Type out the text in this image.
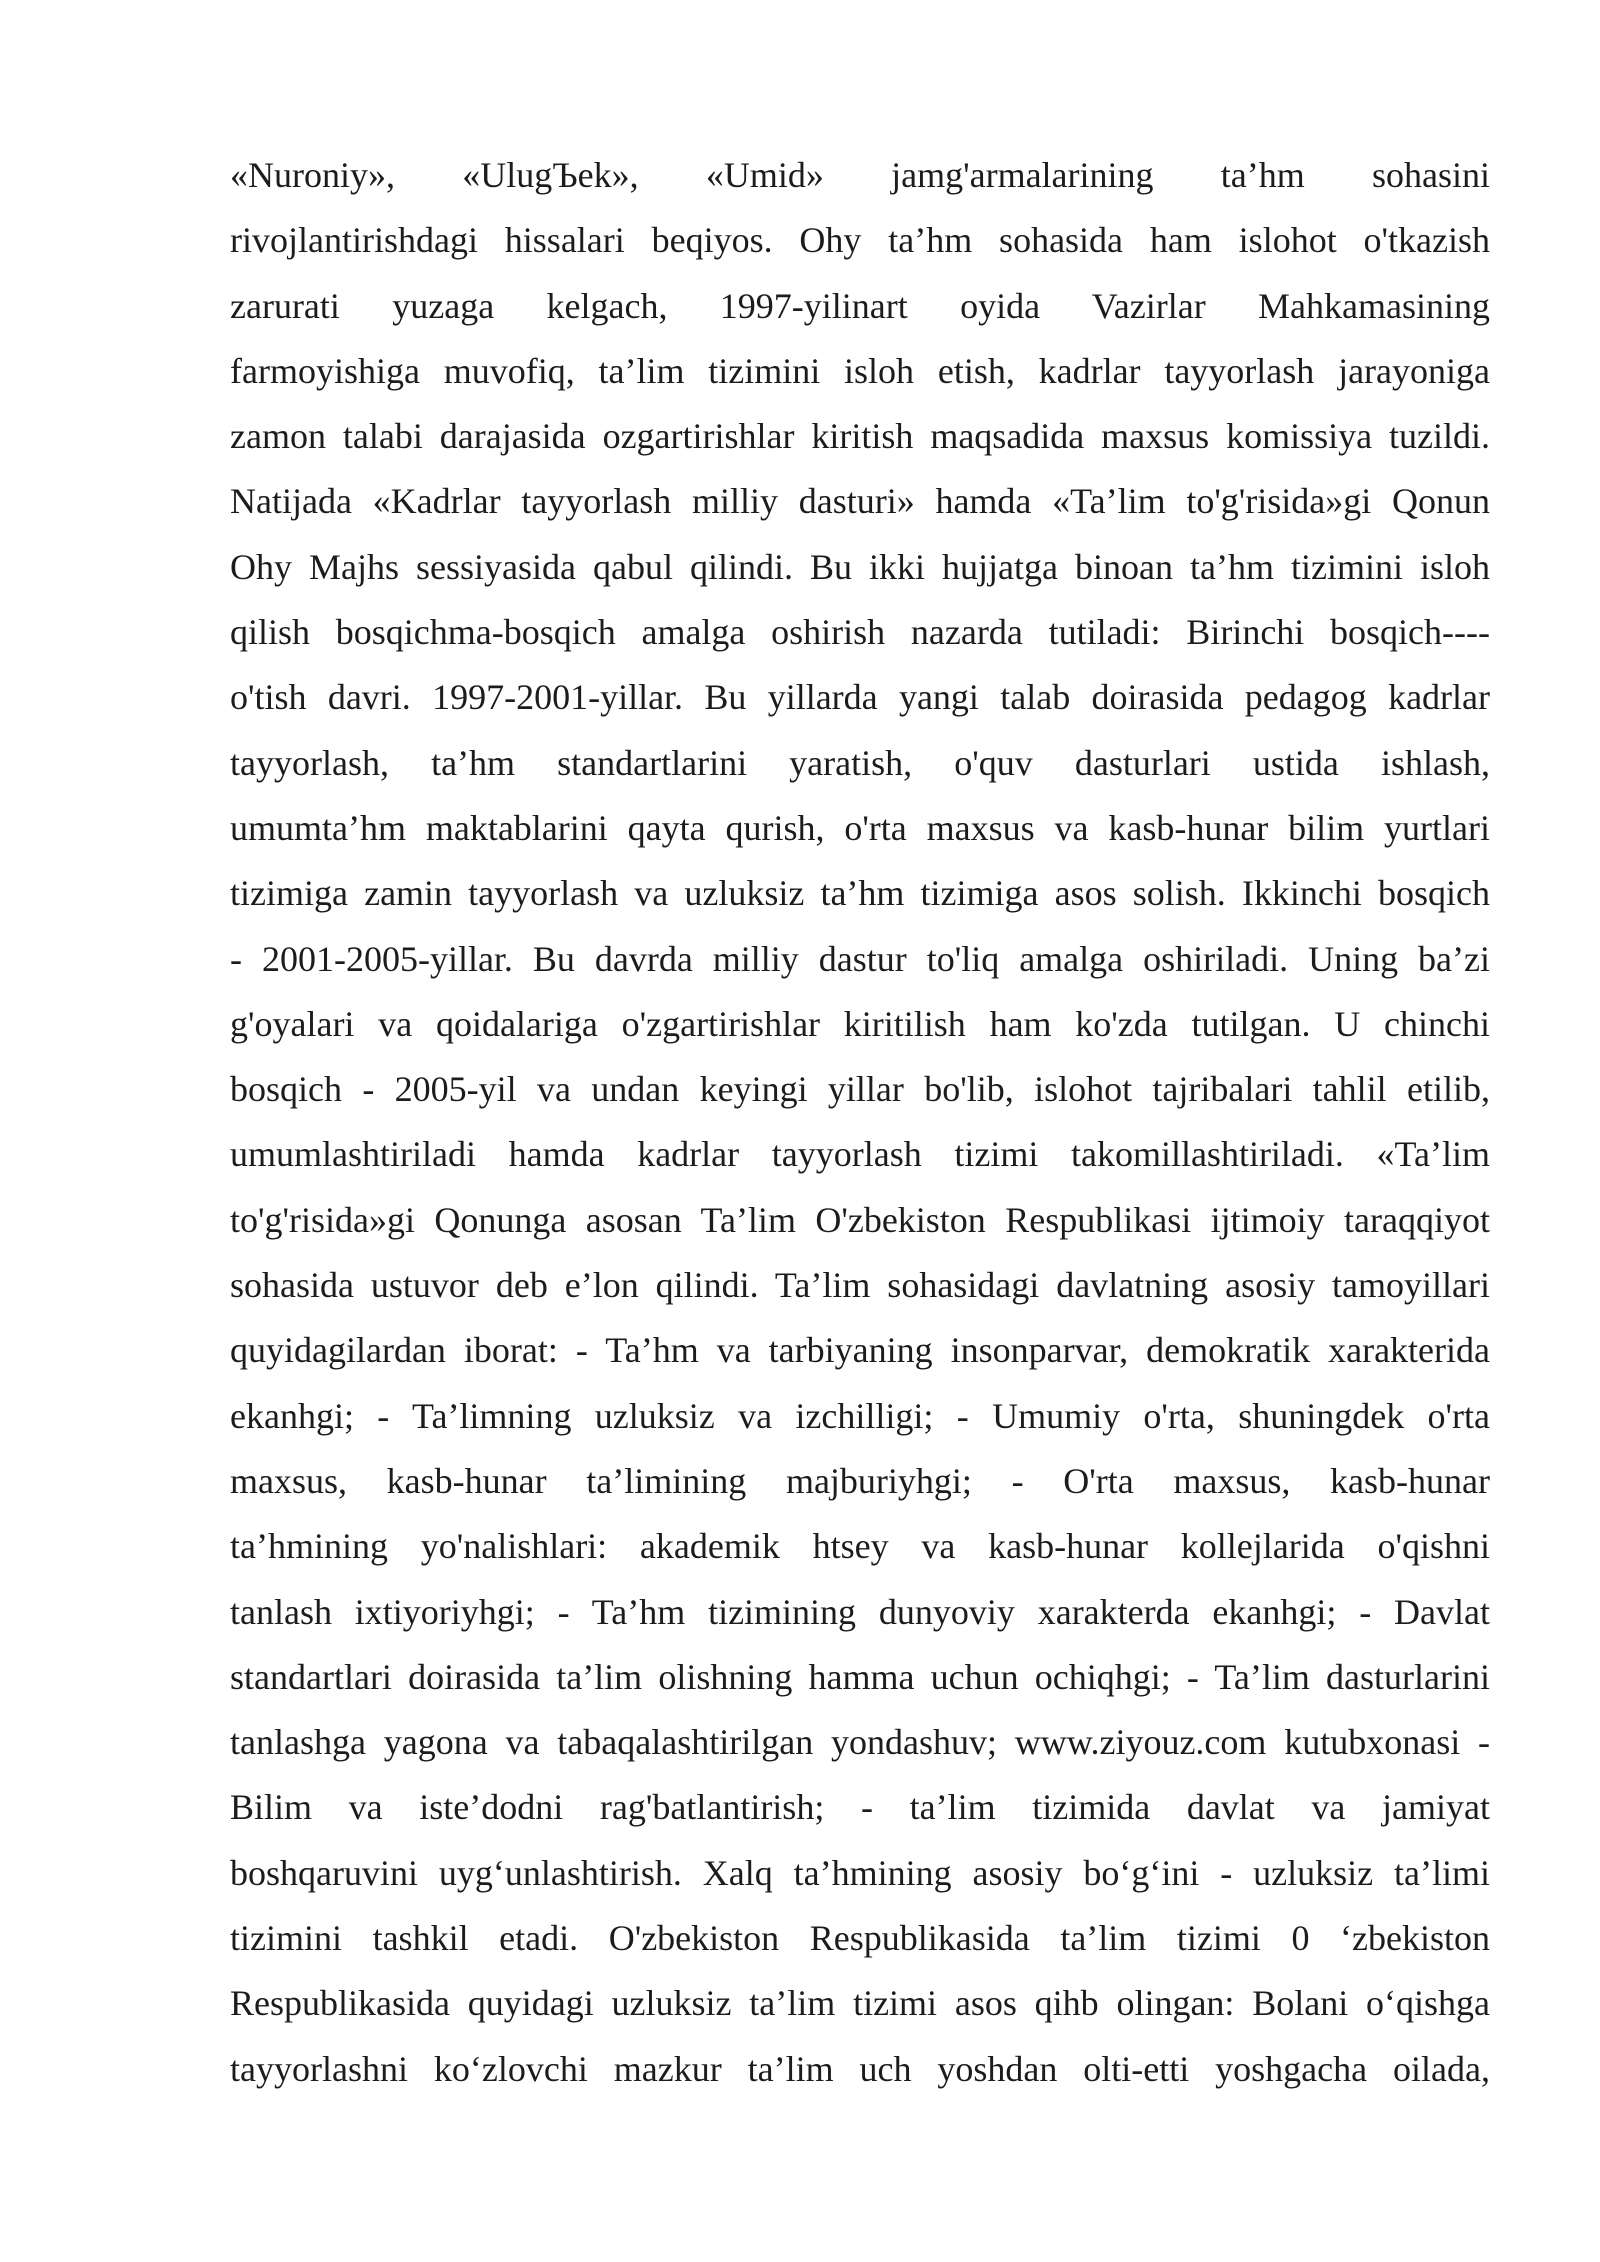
«Nuroniy», «UlugЪek», «Umid» jamg'armalarining ta’hm sohasini
rivojlantirishdagi hissalari beqiyos. Ohy ta’hm sohasida ham islohot o'tkazish
zarurati yuzaga kelgach, 1997-yilinart oyida Vazirlar Mahkamasining
farmoyishiga muvofiq, ta’lim tizimini isloh etish, kadrlar tayyorlash jarayoniga
zamon talabi darajasida ozgartirishlar kiritish maqsadida maxsus komissiya tuzildi.
Natijada «Kadrlar tayyorlash milliy dasturi» hamda «Ta’lim to'g'risida»gi Qonun
Ohy Majhs sessiyasida qabul qilindi. Bu ikki hujjatga binoan ta’hm tizimini isloh
qilish bosqichma-bosqich amalga oshirish nazarda tutiladi: Birinchi bosqich----
o'tish davri. 1997-2001-yillar. Bu yillarda yangi talab doirasida pedagog kadrlar
tayyorlash, ta’hm standartlarini yaratish, o'quv dasturlari ustida ishlash,
umumta’hm maktablarini qayta qurish, o'rta maxsus va kasb-hunar bilim yurtlari
tizimiga zamin tayyorlash va uzluksiz ta’hm tizimiga asos solish. Ikkinchi bosqich
- 2001-2005-yillar. Bu davrda milliy dastur to'liq amalga oshiriladi. Uning ba’zi
g'oyalari va qoidalariga o'zgartirishlar kiritilish ham ko'zda tutilgan. U chinchi
bosqich - 2005-yil va undan keyingi yillar bo'lib, islohot tajribalari tahlil etilib,
umumlashtiriladi hamda kadrlar tayyorlash tizimi takomillashtiriladi. «Ta’lim
to'g'risida»gi Qonunga asosan Ta’lim O'zbekiston Respublikasi ijtimoiy taraqqiyot
sohasida ustuvor deb e’lon qilindi. Ta’lim sohasidagi davlatning asosiy tamoyillari
quyidagilardan iborat: - Ta’hm va tarbiyaning insonparvar, demokratik xarakterida
ekanhgi; - Ta’limning uzluksiz va izchilligi; - Umumiy o'rta, shuningdek o'rta
maxsus, kasb-hunar ta’limining majburiyhgi; - O'rta maxsus, kasb-hunar
ta’hmining yo'nalishlari: akademik htsey va kasb-hunar kollejlarida o'qishni
tanlash ixtiyoriyhgi; - Ta’hm tizimining dunyoviy xarakterda ekanhgi; - Davlat
standartlari doirasida ta’lim olishning hamma uchun ochiqhgi; - Ta’lim dasturlarini
tanlashga yagona va tabaqalashtirilgan yondashuv; www.ziyouz.com kutubxonasi -
Bilim va iste’dodni rag'batlantirish; - ta’lim tizimida davlat va jamiyat
boshqaruvini uyg‘unlashtirish. Xalq ta’hmining asosiy bo‘g‘ini - uzluksiz ta’limi
tizimini tashkil etadi. O'zbekiston Respublikasida ta’lim tizimi 0 ‘zbekiston
Respublikasida quyidagi uzluksiz ta’lim tizimi asos qihb olingan: Bolani o‘qishga
tayyorlashni ko‘zlovchi mazkur ta’lim uch yoshdan olti-etti yoshgacha oilada,
